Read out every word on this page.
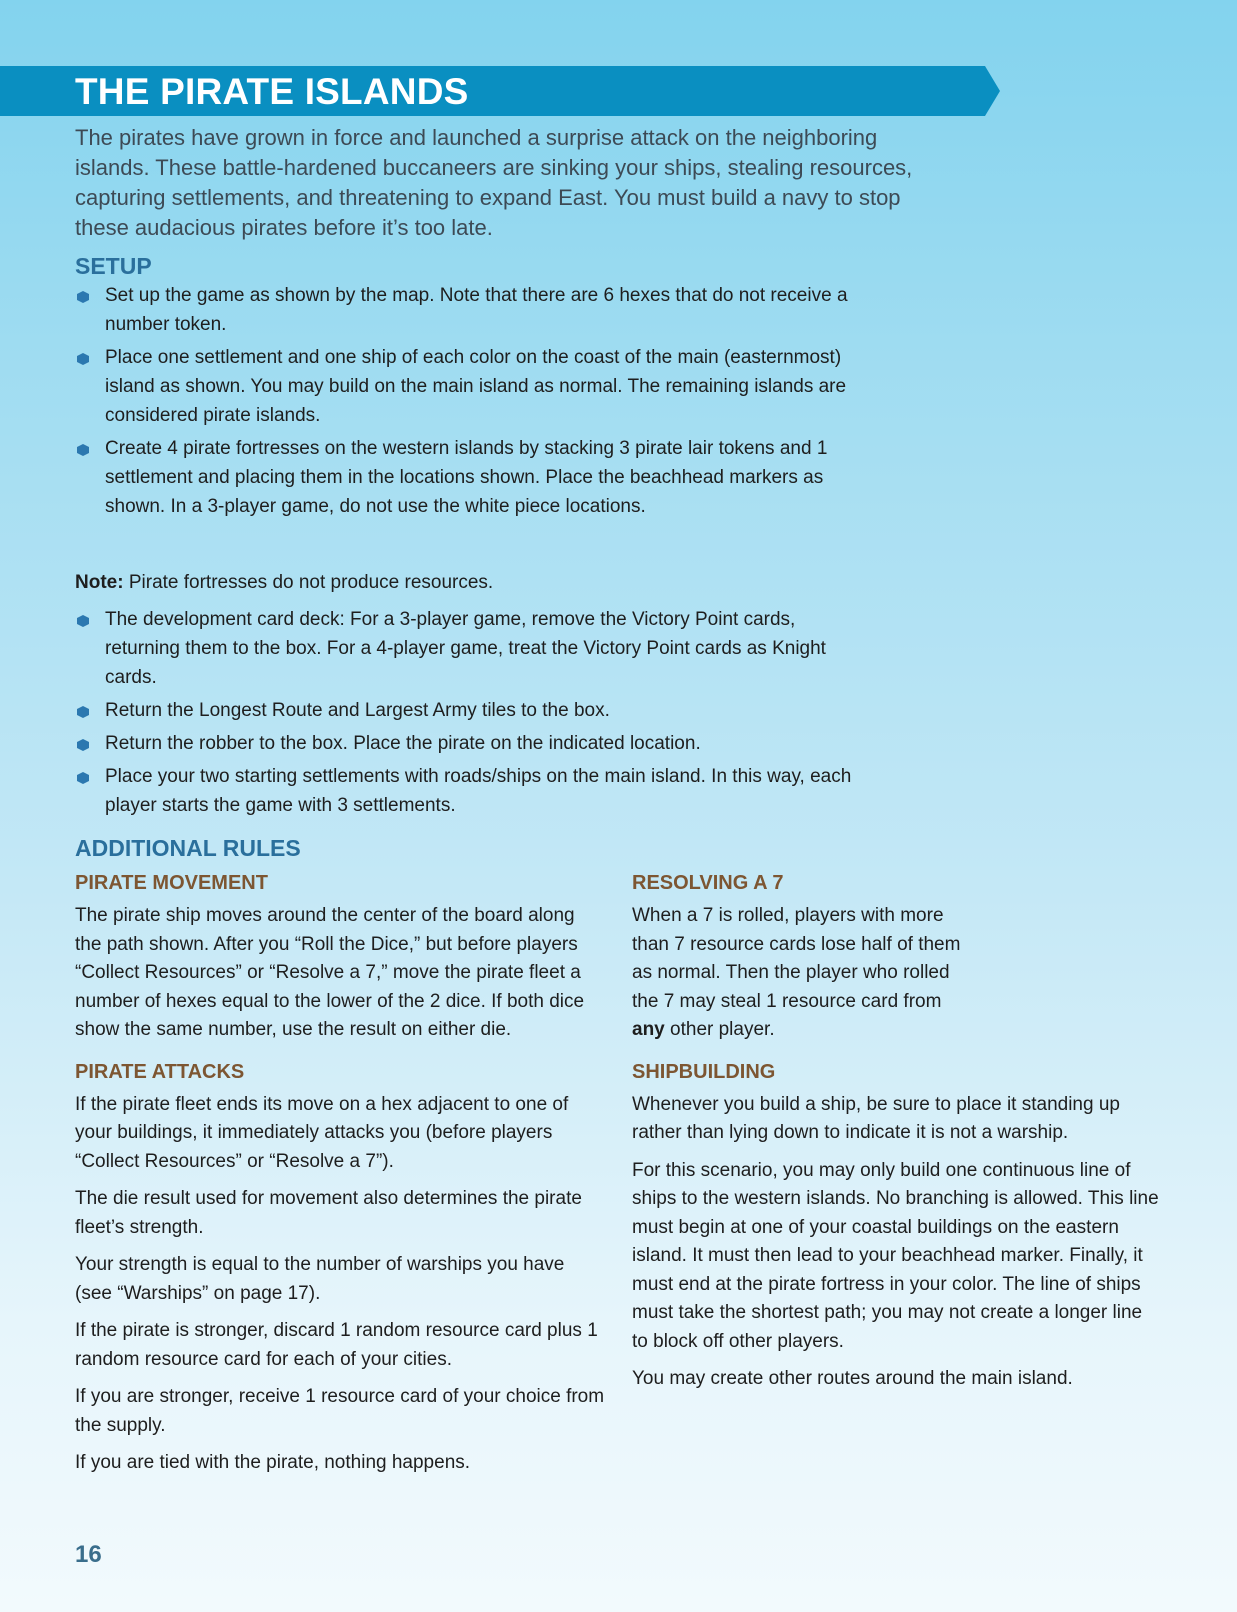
THE PIRATE ISLANDS

The pirates have grown in force and launched a surprise attack on the neighboring islands. These battle-hardened buccaneers are sinking your ships, stealing resources, capturing settlements, and threatening to expand East. You must build a navy to stop these audacious pirates before it’s too late.

SETUP
Set up the game as shown by the map. Note that there are 6 hexes that do not receive a number token.
Place one settlement and one ship of each color on the coast of the main (easternmost) island as shown. You may build on the main island as normal. The remaining islands are considered pirate islands.
Create 4 pirate fortresses on the western islands by stacking 3 pirate lair tokens and 1 settlement and placing them in the locations shown. Place the beachhead markers as shown. In a 3-player game, do not use the white piece locations.

Note: Pirate fortresses do not produce resources.

The development card deck: For a 3-player game, remove the Victory Point cards, returning them to the box. For a 4-player game, treat the Victory Point cards as Knight cards.
Return the Longest Route and Largest Army tiles to the box.
Return the robber to the box. Place the pirate on the indicated location.
Place your two starting settlements with roads/ships on the main island. In this way, each player starts the game with 3 settlements.
ADDITIONAL RULES
PIRATE MOVEMENT

The pirate ship moves around the center of the board along the path shown. After you “Roll the Dice,” but before players “Collect Resources” or “Resolve a 7,” move the pirate fleet a number of hexes equal to the lower of the 2 dice. If both dice show the same number, use the result on either die.

PIRATE ATTACKS

If the pirate fleet ends its move on a hex adjacent to one of your buildings, it immediately attacks you (before players “Collect Resources” or “Resolve a 7”).

The die result used for movement also determines the pirate fleet’s strength.

Your strength is equal to the number of warships you have (see “Warships” on page 17).

If the pirate is stronger, discard 1 random resource card plus 1 random resource card for each of your cities.

If you are stronger, receive 1 resource card of your choice from the supply.

If you are tied with the pirate, nothing happens.

RESOLVING A 7

When a 7 is rolled, players with more than 7 resource cards lose half of them as normal. Then the player who rolled the 7 may steal 1 resource card from any other player.

SHIPBUILDING

Whenever you build a ship, be sure to place it standing up rather than lying down to indicate it is not a warship.

For this scenario, you may only build one continuous line of ships to the western islands. No branching is allowed. This line must begin at one of your coastal buildings on the eastern island. It must then lead to your beachhead marker. Finally, it must end at the pirate fortress in your color. The line of ships must take the shortest path; you may not create a longer line to block off other players.

You may create other routes around the main island.

16
